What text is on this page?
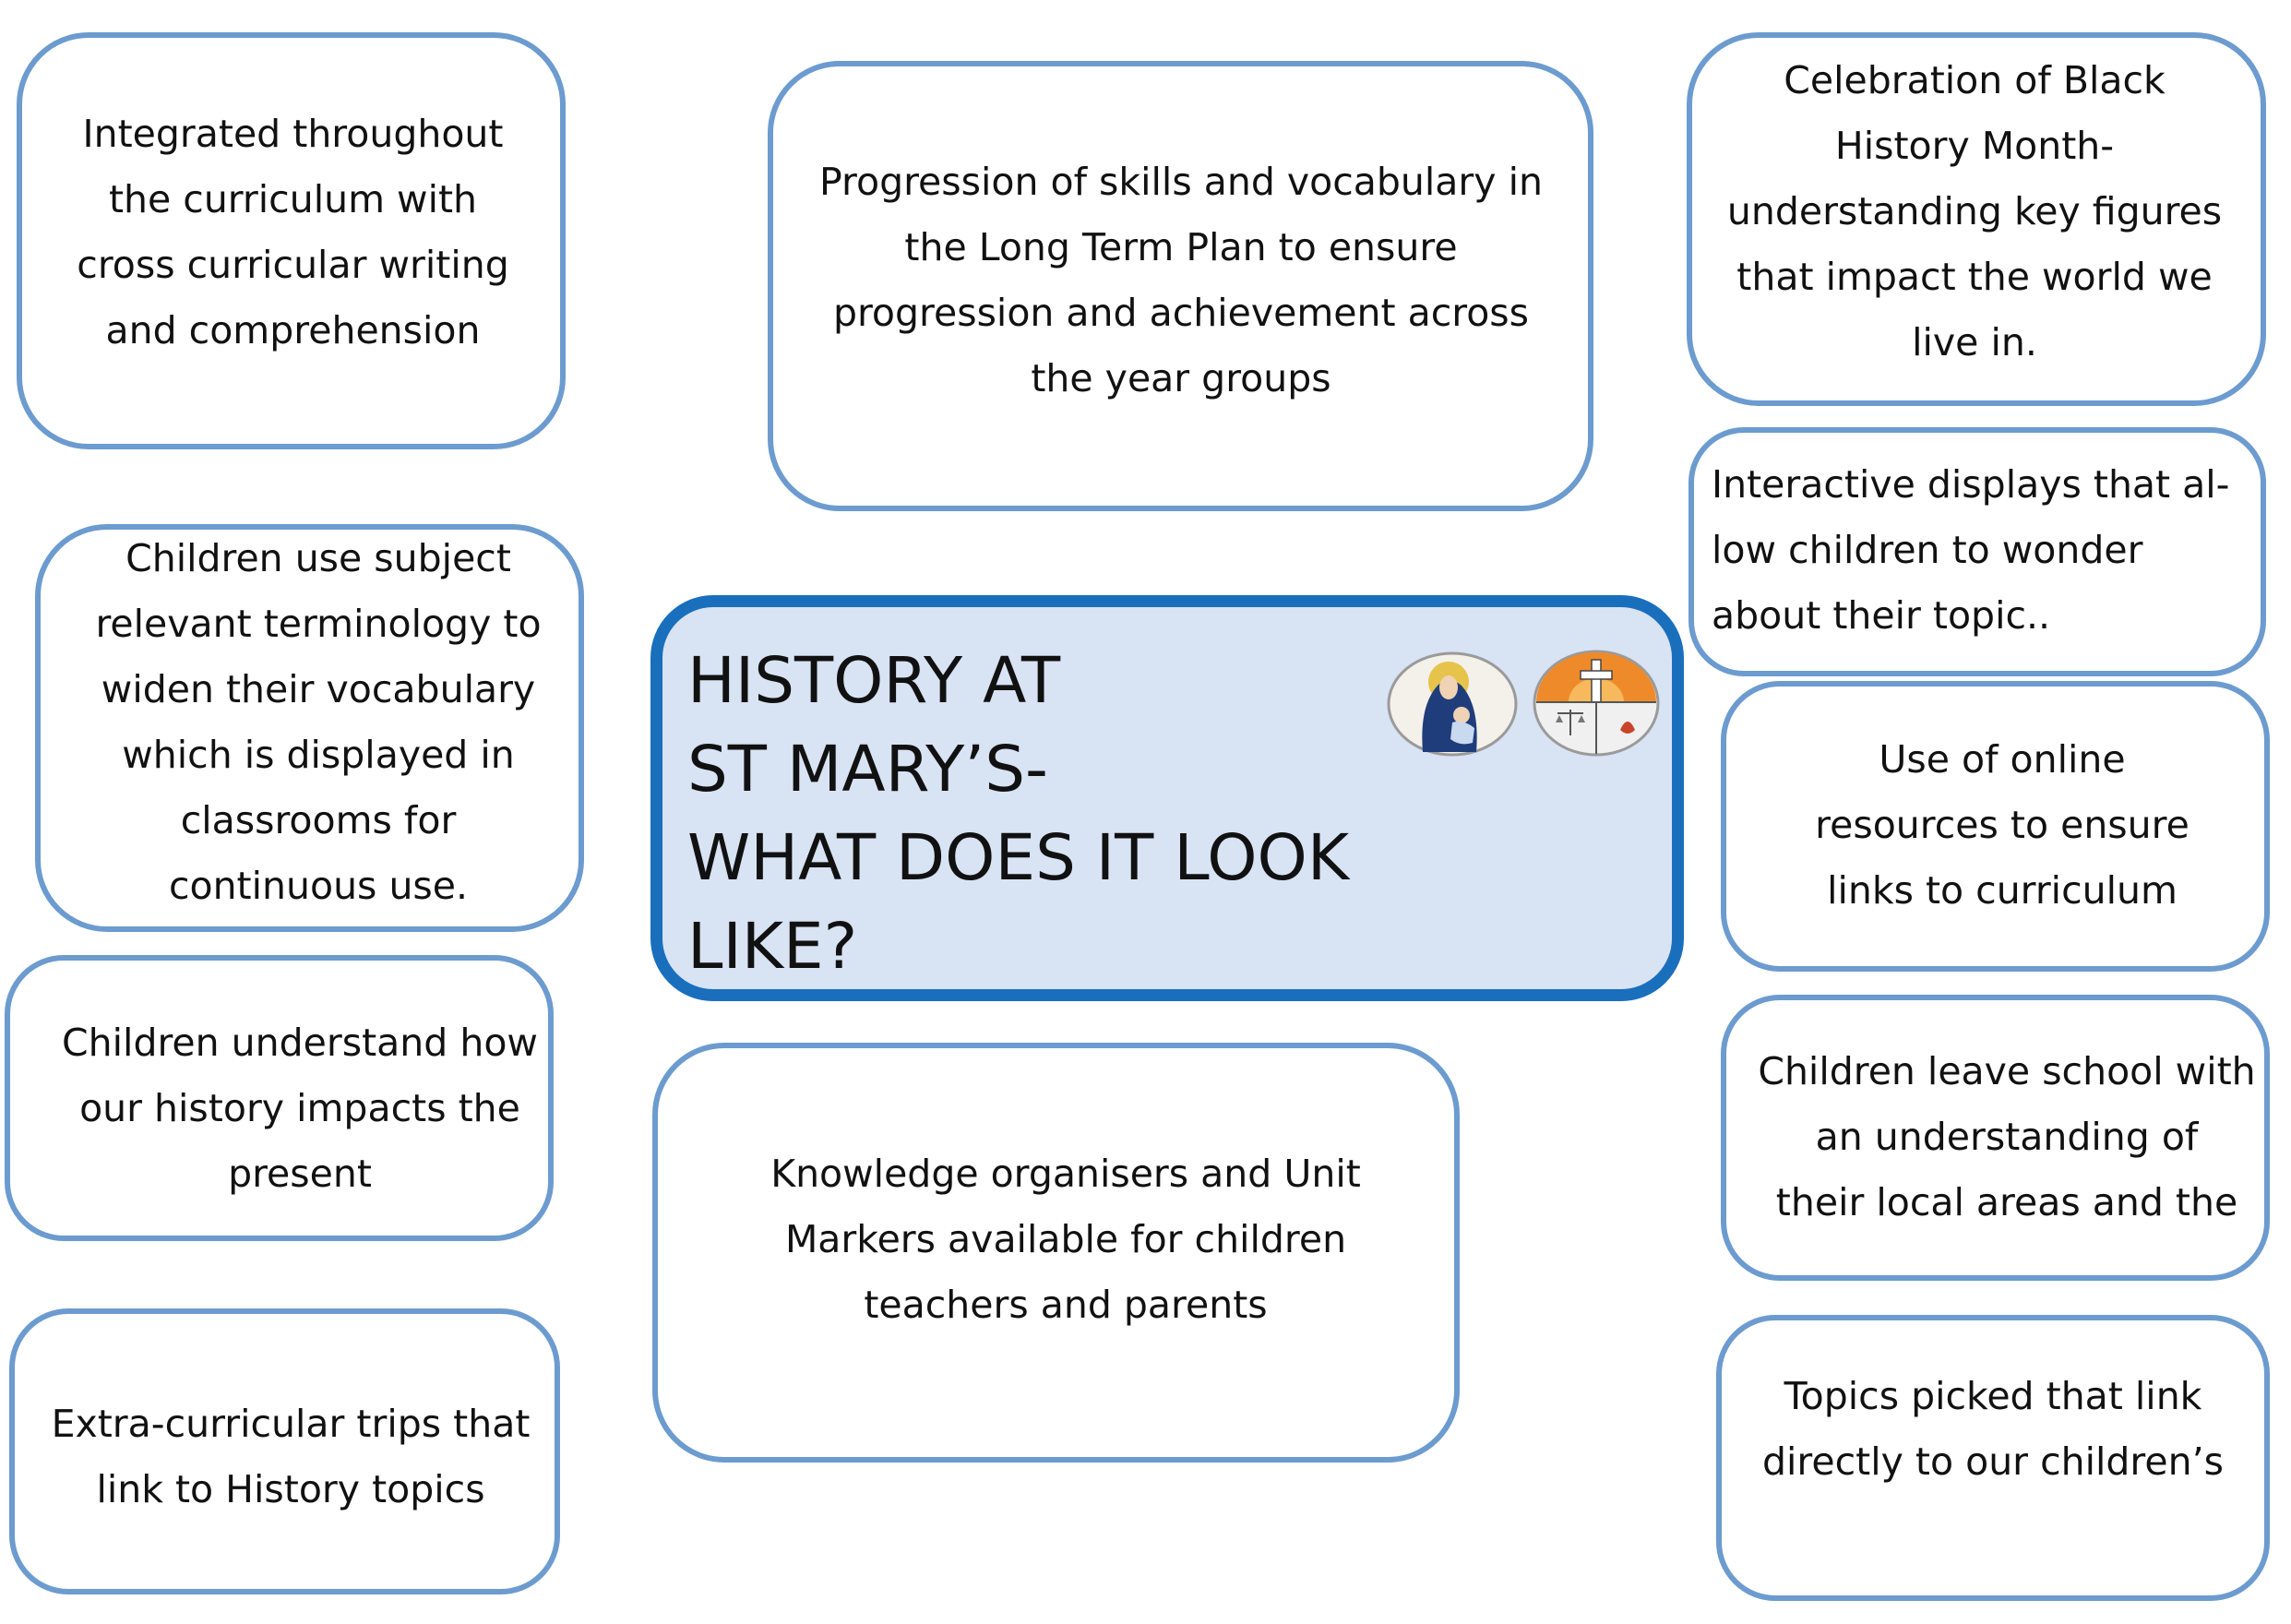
Integrated throughout
the curriculum with
cross curricular writing
and comprehension

Progression of skills and vocabulary in
the Long Term Plan to ensure
progression and achievement across
the year groups

Celebration of Black
History Month-
understanding key figures
that impact the world we
live in.

Children use subject
relevant terminology to
widen their vocabulary
which is displayed in
classrooms for
continuous use.

Interactive displays that al-
low children to wonder
about their topic..

HISTORY AT
ST MARY’S-
WHAT DOES IT LOOK LIKE?

Use of online
resources to ensure
links to curriculum

Children understand how
our history impacts the
present	Knowledge organisers and Unit
Markers available for children
teachers and parents

Children leave school with
an understanding of
their local areas and the

Extra-curricular trips that
link to History topics

Topics picked that link
directly to our children’s
